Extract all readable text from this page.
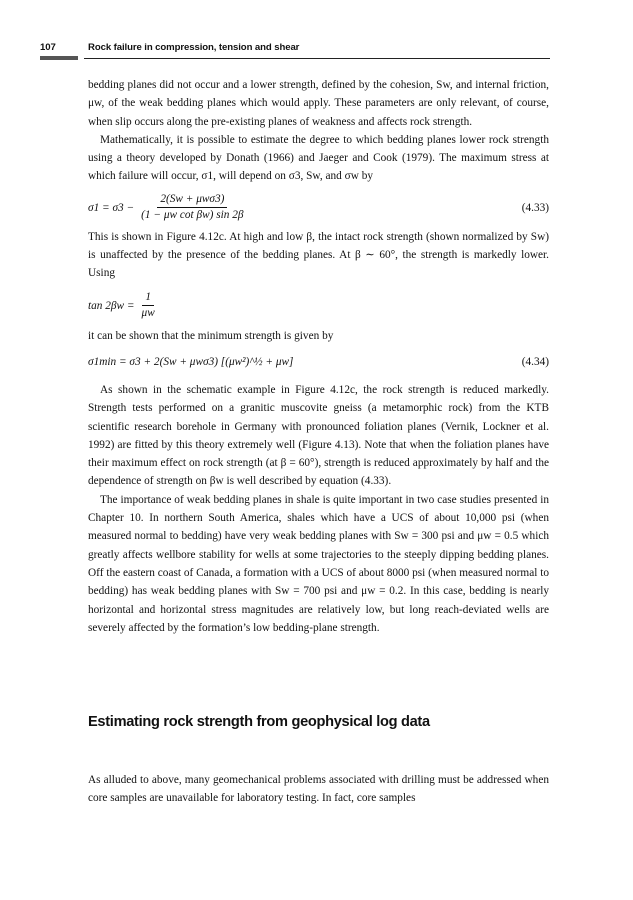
107	Rock failure in compression, tension and shear

bedding planes did not occur and a lower strength, defined by the cohesion, Sw, and internal friction, μw, of the weak bedding planes which would apply. These parameters are only relevant, of course, when slip occurs along the pre-existing planes of weakness and affects rock strength.

Mathematically, it is possible to estimate the degree to which bedding planes lower rock strength using a theory developed by Donath (1966) and Jaeger and Cook (1979). The maximum stress at which failure will occur, σ1, will depend on σ3, Sw, and σw by

$\sigma 1 = \sigma 3 - \frac{\text{2(Sw + μwσ3)}}{\text{(1 − μw cot βw) sin 2β}}$	(4.33)

This is shown in Figure 4.12c. At high and low β, the intact rock strength (shown normalized by Sw) is unaffected by the presence of the bedding planes. At β ∼ 60°, the strength is markedly lower. Using

$\tan 2\beta w = \frac{1}{\mu w}$

it can be shown that the minimum strength is given by

σ1min = σ3 + 2(Sw + μwσ3) [(μw²)^½ + μw]	(4.34)

As shown in the schematic example in Figure 4.12c, the rock strength is reduced markedly. Strength tests performed on a granitic muscovite gneiss (a metamorphic rock) from the KTB scientific research borehole in Germany with pronounced foliation planes (Vernik, Lockner et al. 1992) are fitted by this theory extremely well (Figure 4.13). Note that when the foliation planes have their maximum effect on rock strength (at β = 60°), strength is reduced approximately by half and the dependence of strength on βw is well described by equation (4.33).

The importance of weak bedding planes in shale is quite important in two case studies presented in Chapter 10. In northern South America, shales which have a UCS of about 10,000 psi (when measured normal to bedding) have very weak bedding planes with Sw = 300 psi and μw = 0.5 which greatly affects wellbore stability for wells at some trajectories to the steeply dipping bedding planes. Off the eastern coast of Canada, a formation with a UCS of about 8000 psi (when measured normal to bedding) has weak bedding planes with Sw = 700 psi and μw = 0.2. In this case, bedding is nearly horizontal and horizontal stress magnitudes are relatively low, but long reach-deviated wells are severely affected by the formation’s low bedding-plane strength.

Estimating rock strength from geophysical log data

As alluded to above, many geomechanical problems associated with drilling must be addressed when core samples are unavailable for laboratory testing. In fact, core samples
